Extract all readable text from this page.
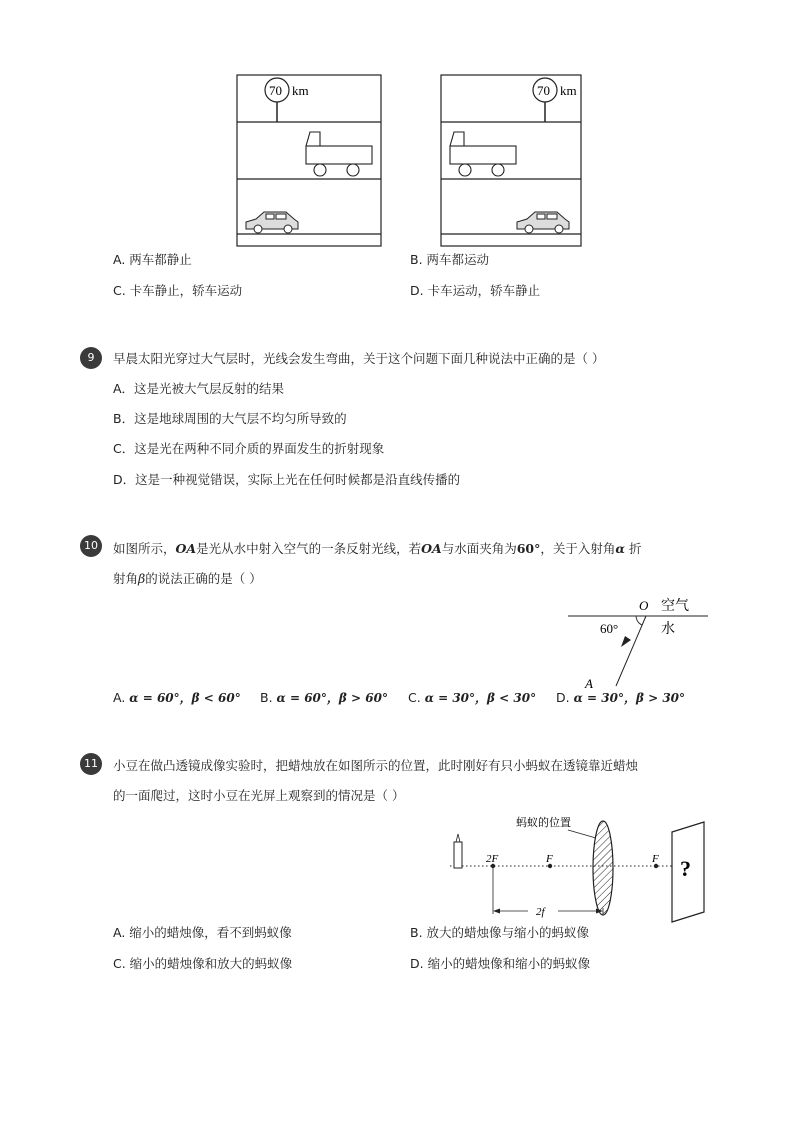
70 km	70 km
A. 两车都静止	B. 两车都运动
C. 卡车静止，轿车运动	D. 卡车运动，轿车静止
9	早晨太阳光穿过大气层时，光线会发生弯曲，关于这个问题下面几种说法中正确的是（ ）
A．这是光被大气层反射的结果
B．这是地球周围的大气层不均匀所导致的
C．这是光在两种不同介质的界面发生的折射现象
D．这是一种视觉错误，实际上光在任何时候都是沿直线传播的
10	如图所示，OA是光从水中射入空气的一条反射光线，若OA与水面夹角为60°，关于入射角α 折
射角β的说法正确的是（ ）
O 空气
水
60°
A
A. α = 60°，β < 60° B. α = 60°，β > 60° C. α = 30°，β < 30° D. α = 30°，β > 30°
11	小豆在做凸透镜成像实验时，把蜡烛放在如图所示的位置，此时刚好有只小蚂蚁在透镜靠近蜡烛
的一面爬过，这时小豆在光屏上观察到的情况是（ ）
2F	F	F
蚂蚁的位置
?
2f
A. 缩小的蜡烛像，看不到蚂蚁像	B. 放大的蜡烛像与缩小的蚂蚁像
C. 缩小的蜡烛像和放大的蚂蚁像	D. 缩小的蜡烛像和缩小的蚂蚁像
